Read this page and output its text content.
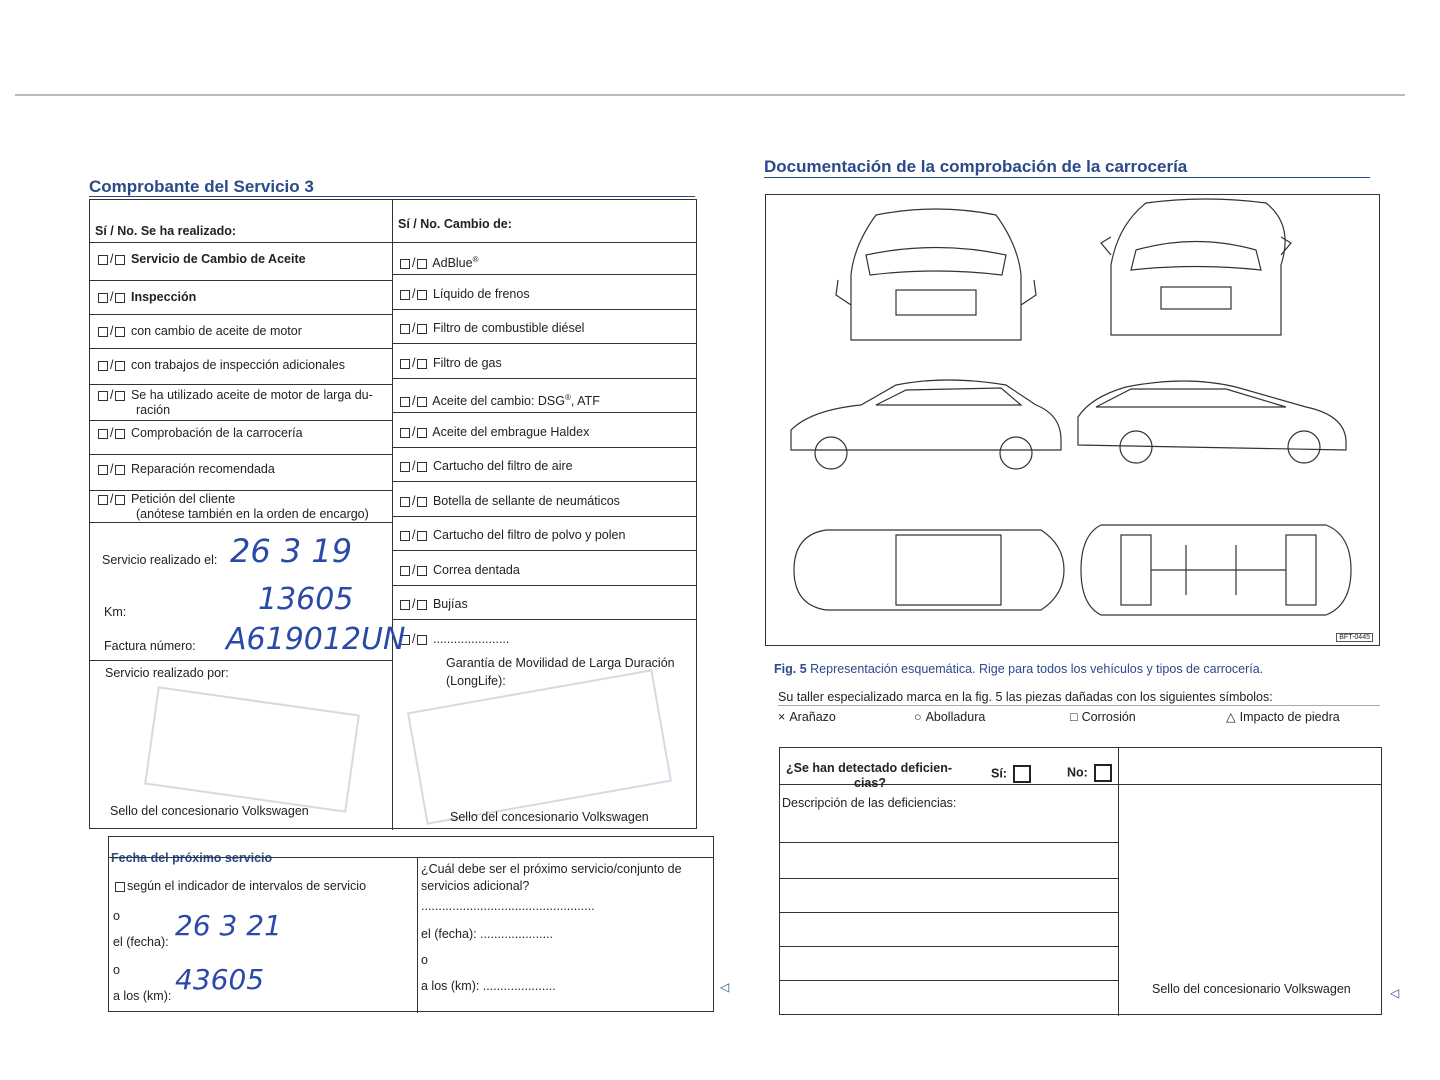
Comprobante del Servicio 3
Sí / No. Se ha realizado:	Sí / No. Cambio de:
/ Servicio de Cambio de Aceite
/ Inspección
/ con cambio de aceite de motor
/ con trabajos de inspección adicionales
/ Se ha utilizado aceite de motor de larga du-
ración
/ Comprobación de la carrocería
/ Reparación recomendada
/ Petición del cliente
(anótese también en la orden de encargo)
/ AdBlue®
/ Líquido de frenos
/ Filtro de combustible diésel
/ Filtro de gas
/ Aceite del cambio: DSG®, ATF
/ Aceite del embrague Haldex
/ Cartucho del filtro de aire
/ Botella de sellante de neumáticos
/ Cartucho del filtro de polvo y polen
/ Correa dentada
/ Bujías
/ ......................
Servicio realizado el: 26 3 19
Km:	13605
Factura número: A619012UN
Servicio realizado por:
Sello del concesionario Volkswagen
Garantía de Movilidad de Larga Duración
(LongLife):
Sello del concesionario Volkswagen
Fecha del próximo servicio
según el indicador de intervalos de servicio
o
el (fecha): 26 3 21
o
a los (km): 43605
¿Cuál debe ser el próximo servicio/conjunto de
servicios adicional?
..................................................
el (fecha): .....................
o
a los (km): .....................	◁
Documentación de la comprobación de la carrocería
BFT-0445
Fig. 5 Representación esquemática. Rige para todos los vehículos y tipos de carrocería.
Su taller especializado marca en la fig. 5 las piezas dañadas con los siguientes símbolos:
× Arañazo	○ Abolladura	□ Corrosión	△ Impacto de piedra
¿Se han detectado deficien-
cias?
Sí:	No:
Descripción de las deficiencias:
Sello del concesionario Volkswagen	◁
